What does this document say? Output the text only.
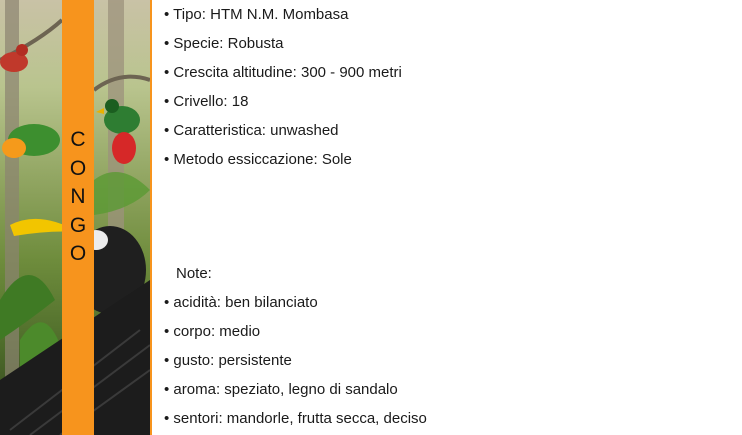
C
O
N
G
O
• Tipo: HTM N.M. Mombasa
• Specie: Robusta
• Crescita altitudine: 300 - 900 metri
• Crivello: 18
• Caratteristica: unwashed
• Metodo essiccazione: Sole
Note:
• acidità: ben bilanciato
• corpo: medio
• gusto: persistente
• aroma: speziato, legno di sandalo
• sentori: mandorle, frutta secca, deciso
